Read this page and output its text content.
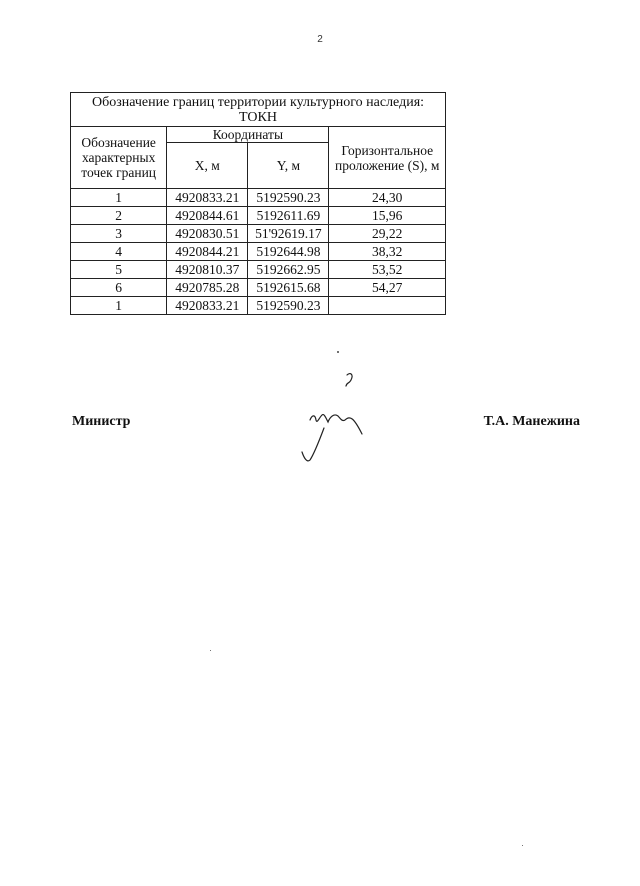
2
Обозначение границ территории культурного наследия: ТОКН			
Обозначение характерных точек границ	Координаты		Горизонтальное проложение (S), м
	X, м	Y, м	
1	4920833.21	5192590.23	24,30
2	4920844.61	5192611.69	15,96
3	4920830.51	51'92619.17	29,22
4	4920844.21	5192644.98	38,32
5	4920810.37	5192662.95	53,52
6	4920785.28	5192615.68	54,27
1	4920833.21	5192590.23	
Министр	Т.А. Манежина
